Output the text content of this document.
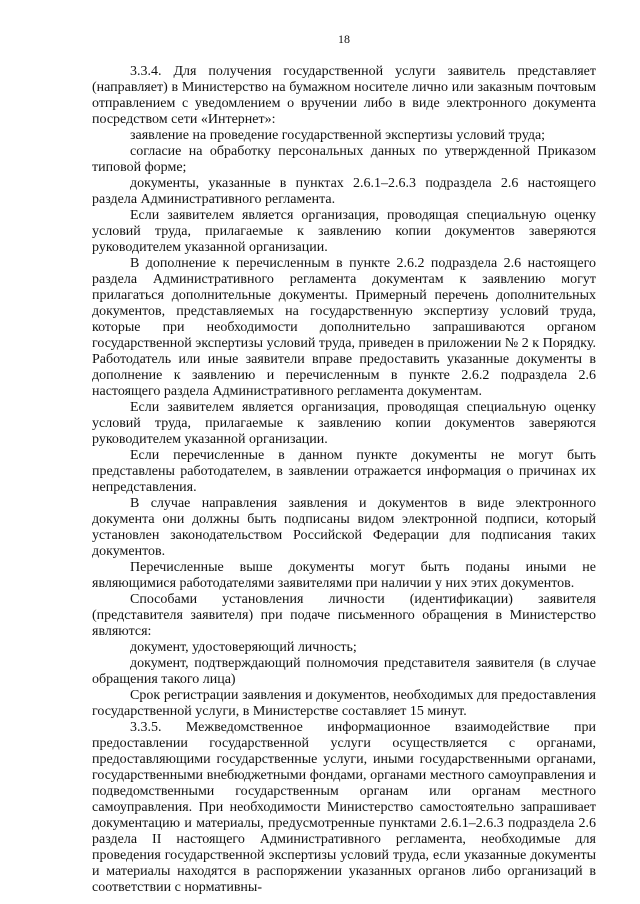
18

3.3.4. Для получения государственной услуги заявитель представляет (направляет) в Министерство на бумажном носителе лично или заказным почтовым отправлением с уведомлением о вручении либо в виде электронного документа посредством сети «Интернет»:

заявление на проведение государственной экспертизы условий труда;

согласие на обработку персональных данных по утвержденной Приказом типовой форме;

документы, указанные в пунктах 2.6.1–2.6.3 подраздела 2.6 настоящего раздела Административного регламента.

Если заявителем является организация, проводящая специальную оценку условий труда, прилагаемые к заявлению копии документов заверяются руководителем указанной организации.

В дополнение к перечисленным в пункте 2.6.2 подраздела 2.6 настоящего раздела Административного регламента документам к заявлению могут прилагаться дополнительные документы. Примерный перечень дополнительных документов, представляемых на государственную экспертизу условий труда, которые при необходимости дополнительно запрашиваются органом государственной экспертизы условий труда, приведен в приложении № 2 к Порядку. Работодатель или иные заявители вправе предоставить указанные документы в дополнение к заявлению и перечисленным в пункте 2.6.2 подраздела 2.6 настоящего раздела Административного регламента документам.

Если заявителем является организация, проводящая специальную оценку условий труда, прилагаемые к заявлению копии документов заверяются руководителем указанной организации.

Если перечисленные в данном пункте документы не могут быть представлены работодателем, в заявлении отражается информация о причинах их непредставления.

В случае направления заявления и документов в виде электронного документа они должны быть подписаны видом электронной подписи, который установлен законодательством Российской Федерации для подписания таких документов.

Перечисленные выше документы могут быть поданы иными не являющимися работодателями заявителями при наличии у них этих документов.

Способами установления личности (идентификации) заявителя (представителя заявителя) при подаче письменного обращения в Министерство являются:

документ, удостоверяющий личность;

документ, подтверждающий полномочия представителя заявителя (в случае обращения такого лица)

Срок регистрации заявления и документов, необходимых для предоставления государственной услуги, в Министерстве составляет 15 минут.

3.3.5. Межведомственное информационное взаимодействие при предоставлении государственной услуги осуществляется с органами, предоставляющими государственные услуги, иными государственными органами, государственными внебюджетными фондами, органами местного самоуправления и подведомственными государственным органам или органам местного самоуправления. При необходимости Министерство самостоятельно запрашивает документацию и материалы, предусмотренные пунктами 2.6.1–2.6.3 подраздела 2.6 раздела II настоящего Административного регламента, необходимые для проведения государственной экспертизы условий труда, если указанные документы и материалы находятся в распоряжении указанных органов либо организаций в соответствии с нормативны-
